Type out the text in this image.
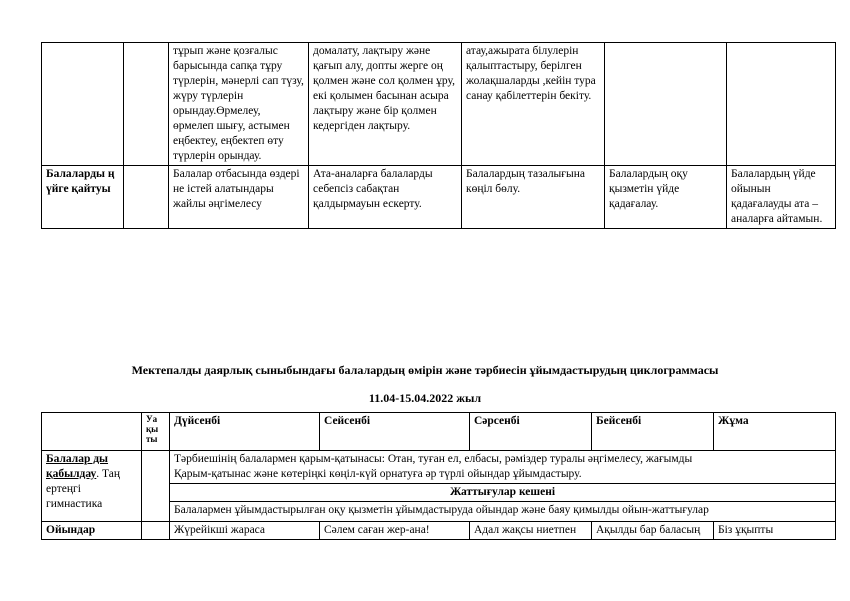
		тұрып және қозғалыс барысында сапқа тұру түрлерін, мәнерлі сап түзу, жүру түрлерін орындау.Өрмелеу, өрмелеп шығу, астымен еңбектеу, еңбектеп өту түрлерін орындау.	домалату, лақтыру және қағып алу, допты жерге оң қолмен және сол қолмен ұру, екі қолымен басынан асыра лақтыру және бір қолмен кедергіден лақтыру.	атау,ажырата білулерін қалыптастыру, берілген жолақшаларды ,кейін тура санау қабілеттерін бекіту.		
Балаларды ң үйге қайтуы		Балалар отбасында өздері не істей алатындары жайлы әңгімелесу	Ата-аналарға балаларды себепсіз сабақтан қалдырмауын ескерту.	Балалардың тазалығына көңіл бөлу.	Балалардың оқу қызметін үйде қадағалау.	Балалардың үйде ойынын қадағалауды ата – аналарға айтамын.
Мектепалды даярлық сыныбындағы балалардың өмірін және тәрбиесін ұйымдастырудың циклограммасы
11.04-15.04.2022 жыл
	Уа қы ты	Дүйсенбі	Сейсенбі	Сәрсенбі	Бейсенбі	Жұма
Балалар ды қабылдау. Таң ертеңгі гимнастика		Тәрбиешінің балалармен қарым-қатынасы: Отан, туған ел, елбасы, рәміздер туралы әңгімелесу, жағымды
Қарым-қатынас және көтеріңкі көңіл-күй орнатуға әр түрлі ойындар ұйымдастыру.				

		Жаттығулар кешені				
		Балалармен ұйымдастырылған оқу қызметін ұйымдастыруда ойындар және баяу қимылды ойын-жаттығулар				
Ойындар		Жүрейікші жараса	Сәлем саған жер-ана!	Адал жақсы ниетпен	Ақылды бар баласың	Біз ұқыпты
